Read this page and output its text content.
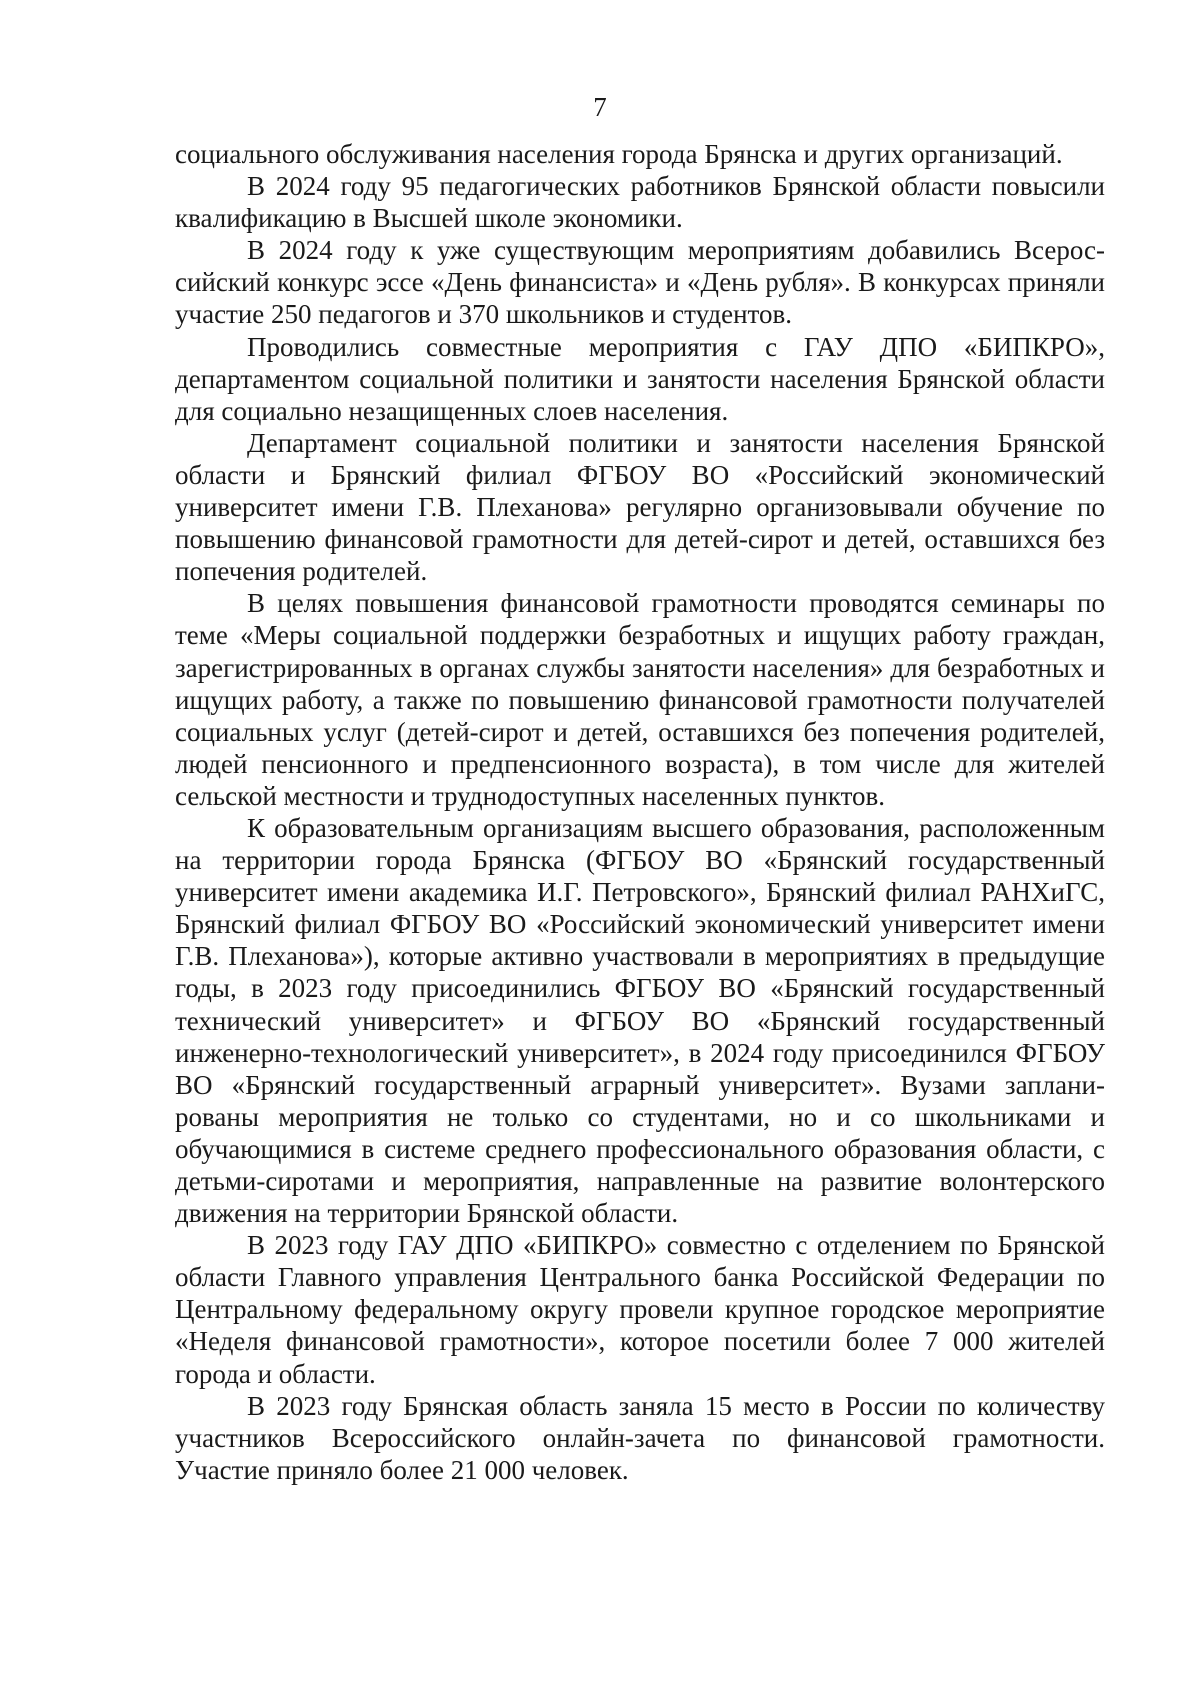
7

социального обслуживания населения города Брянска и других организаций.

В 2024 году 95 педагогических работников Брянской области повысили квалификацию в Высшей школе экономики.

В 2024 году к уже существующим мероприятиям добавились Всероссийский конкурс эссе «День финансиста» и «День рубля». В конкурсах приняли участие 250 педагогов и 370 школьников и студентов.

Проводились совместные мероприятия с ГАУ ДПО «БИПКРО», департаментом социальной политики и занятости населения Брянской области для социально незащищенных слоев населения.

Департамент социальной политики и занятости населения Брянской области и Брянский филиал ФГБОУ ВО «Российский экономический университет имени Г.В. Плеханова» регулярно организовывали обучение по повышению финансовой грамотности для детей-сирот и детей, оставшихся без попечения родителей.

В целях повышения финансовой грамотности проводятся семинары по теме «Меры социальной поддержки безработных и ищущих работу граждан, зарегистрированных в органах службы занятости населения» для безработных и ищущих работу, а также по повышению финансовой грамотности получателей социальных услуг (детей-сирот и детей, оставшихся без попечения родителей, людей пенсионного и предпенсионного возраста), в том числе для жителей сельской местности и труднодоступных населенных пунктов.

К образовательным организациям высшего образования, расположенным на территории города Брянска (ФГБОУ ВО «Брянский государственный университет имени академика И.Г. Петровского», Брянский филиал РАНХиГС, Брянский филиал ФГБОУ ВО «Российский экономический университет имени Г.В. Плеханова»), которые активно участвовали в мероприятиях в предыдущие годы, в 2023 году присоединились ФГБОУ ВО «Брянский государственный технический университет» и ФГБОУ ВО «Брянский государственный инженерно-технологический университет», в 2024 году присоединился ФГБОУ ВО «Брянский государственный аграрный университет». Вузами запланированы мероприятия не только со студентами, но и со школьниками и обучающимися в системе среднего профессионального образования области, с детьми-сиротами и мероприятия, направленные на развитие волонтерского движения на территории Брянской области.

В 2023 году ГАУ ДПО «БИПКРО» совместно с отделением по Брянской области Главного управления Центрального банка Российской Федерации по Центральному федеральному округу провели крупное городское мероприятие «Неделя финансовой грамотности», которое посетили более 7 000 жителей города и области.

В 2023 году Брянская область заняла 15 место в России по количеству участников Всероссийского онлайн-зачета по финансовой грамотности. Участие приняло более 21 000 человек.
